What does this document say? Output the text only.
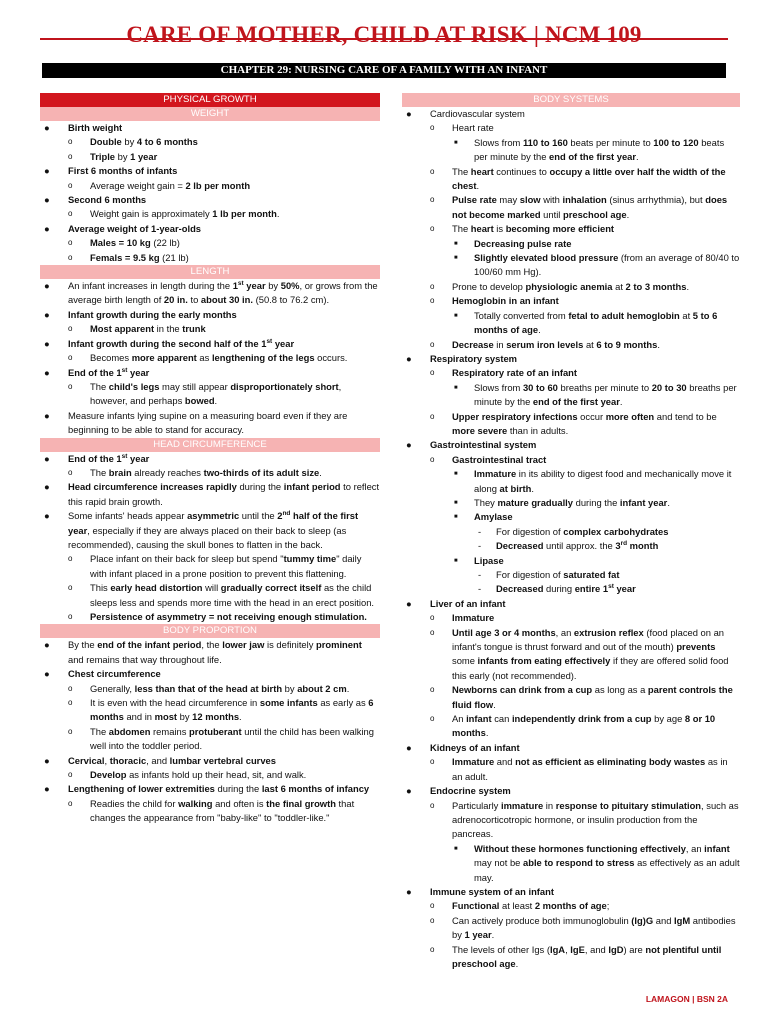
CARE OF MOTHER, CHILD AT RISK | NCM 109
CHAPTER 29: NURSING CARE OF A FAMILY WITH AN INFANT
PHYSICAL GROWTH
WEIGHT
● Birth weight
o Double by 4 to 6 months
o Triple by 1 year
● First 6 months of infants
o Average weight gain = 2 lb per month
● Second 6 months
o Weight gain is approximately 1 lb per month.
● Average weight of 1-year-olds
o Males = 10 kg (22 lb)
o Femals = 9.5 kg (21 lb)
LENGTH
● An infant increases in length during the 1st year by 50%, or grows from the average birth length of 20 in. to about 30 in. (50.8 to 76.2 cm).
● Infant growth during the early months
o Most apparent in the trunk
● Infant growth during the second half of the 1st year
o Becomes more apparent as lengthening of the legs occurs.
● End of the 1st year
o The child's legs may still appear disproportionately short, however, and perhaps bowed.
● Measure infants lying supine on a measuring board even if they are beginning to be able to stand for accuracy.
HEAD CIRCUMFERENCE
● End of the 1st year
o The brain already reaches two-thirds of its adult size.
● Head circumference increases rapidly during the infant period to reflect this rapid brain growth.
● Some infants' heads appear asymmetric until the 2nd half of the first year, especially if they are always placed on their back to sleep (as recommended), causing the skull bones to flatten in the back.
o Place infant on their back for sleep but spend "tummy time" daily with infant placed in a prone position to prevent this flattening.
o This early head distortion will gradually correct itself as the child sleeps less and spends more time with the head in an erect position.
o Persistence of asymmetry = not receiving enough stimulation.
BODY PROPORTION
● By the end of the infant period, the lower jaw is definitely prominent and remains that way throughout life.
● Chest circumference
o Generally, less than that of the head at birth by about 2 cm.
o It is even with the head circumference in some infants as early as 6 months and in most by 12 months.
o The abdomen remains protuberant until the child has been walking well into the toddler period.
● Cervical, thoracic, and lumbar vertebral curves
o Develop as infants hold up their head, sit, and walk.
● Lengthening of lower extremities during the last 6 months of infancy
o Readies the child for walking and often is the final growth that changes the appearance from "baby-like" to "toddler-like."
BODY SYSTEMS
● Cardiovascular system
o Heart rate
■ Slows from 110 to 160 beats per minute to 100 to 120 beats per minute by the end of the first year.
o The heart continues to occupy a little over half the width of the chest.
o Pulse rate may slow with inhalation (sinus arrhythmia), but does not become marked until preschool age.
o The heart is becoming more efficient
■ Decreasing pulse rate
■ Slightly elevated blood pressure (from an average of 80/40 to 100/60 mm Hg).
o Prone to develop physiologic anemia at 2 to 3 months.
o Hemoglobin in an infant
■ Totally converted from fetal to adult hemoglobin at 5 to 6 months of age.
o Decrease in serum iron levels at 6 to 9 months.
● Respiratory system
o Respiratory rate of an infant
■ Slows from 30 to 60 breaths per minute to 20 to 30 breaths per minute by the end of the first year.
o Upper respiratory infections occur more often and tend to be more severe than in adults.
● Gastrointestinal system
o Gastrointestinal tract
■ Immature in its ability to digest food and mechanically move it along at birth.
■ They mature gradually during the infant year.
■ Amylase
- For digestion of complex carbohydrates
- Decreased until approx. the 3rd month
■ Lipase
- For digestion of saturated fat
- Decreased during entire 1st year
● Liver of an infant
o Immature
o Until age 3 or 4 months, an extrusion reflex (food placed on an infant's tongue is thrust forward and out of the mouth) prevents some infants from eating effectively if they are offered solid food this early (not recommended).
o Newborns can drink from a cup as long as a parent controls the fluid flow.
o An infant can independently drink from a cup by age 8 or 10 months.
● Kidneys of an infant
o Immature and not as efficient as eliminating body wastes as in an adult.
● Endocrine system
o Particularly immature in response to pituitary stimulation, such as adrenocorticotropic hormone, or insulin production from the pancreas.
■ Without these hormones functioning effectively, an infant may not be able to respond to stress as effectively as an adult may.
● Immune system of an infant
o Functional at least 2 months of age;
o Can actively produce both immunoglobulin (Ig)G and IgM antibodies by 1 year.
o The levels of other Igs (IgA, IgE, and IgD) are not plentiful until preschool age.
LAMAGON | BSN 2A
